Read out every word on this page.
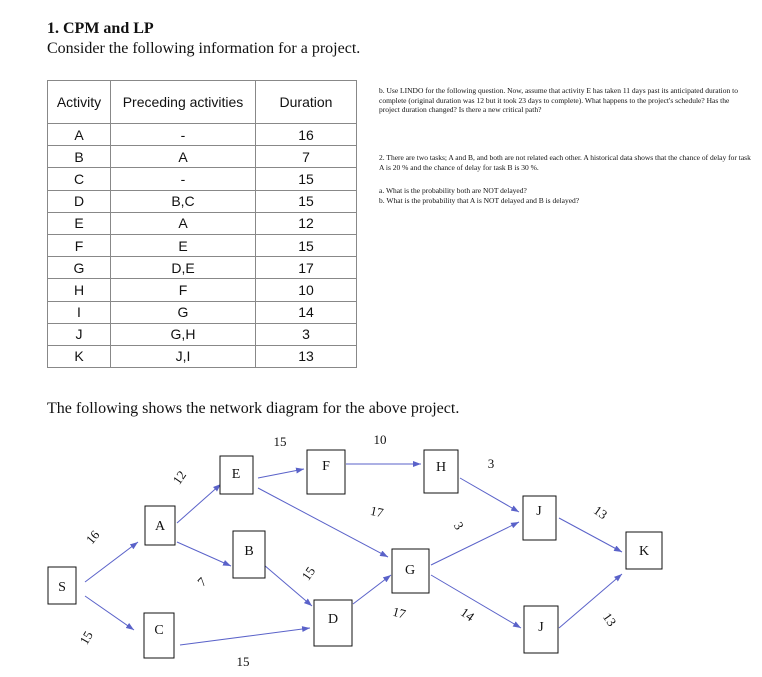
1. CPM and LP
Consider the following information for a project.
Activity	Preceding activities	Duration
A	-	16
B	A	7
C	-	15
D	B,C	15
E	A	12
F	E	15
G	D,E	17
H	F	10
I	G	14
J	G,H	3
K	J,I	13
b. Use LINDO for the following question. Now, assume that activity E has taken 11 days past its anticipated duration to complete (original duration was 12 but it took 23 days to complete). What happens to the project's schedule? Has the project duration changed? Is there a new critical path?
2. There are two tasks; A and B, and both are not related each other. A historical data shows that the chance of delay for task A is 20 % and the chance of delay for task B is 30 %.
a. What is the probability both are NOT delayed?
b. What is the probability that A is NOT delayed and B is delayed?
The following shows the network diagram for the above project.
S
A
C
E
B
D
F
G
H
J
J
K
16
15
12
7
15
15
15
10
17
17
3
3
14
13
13
